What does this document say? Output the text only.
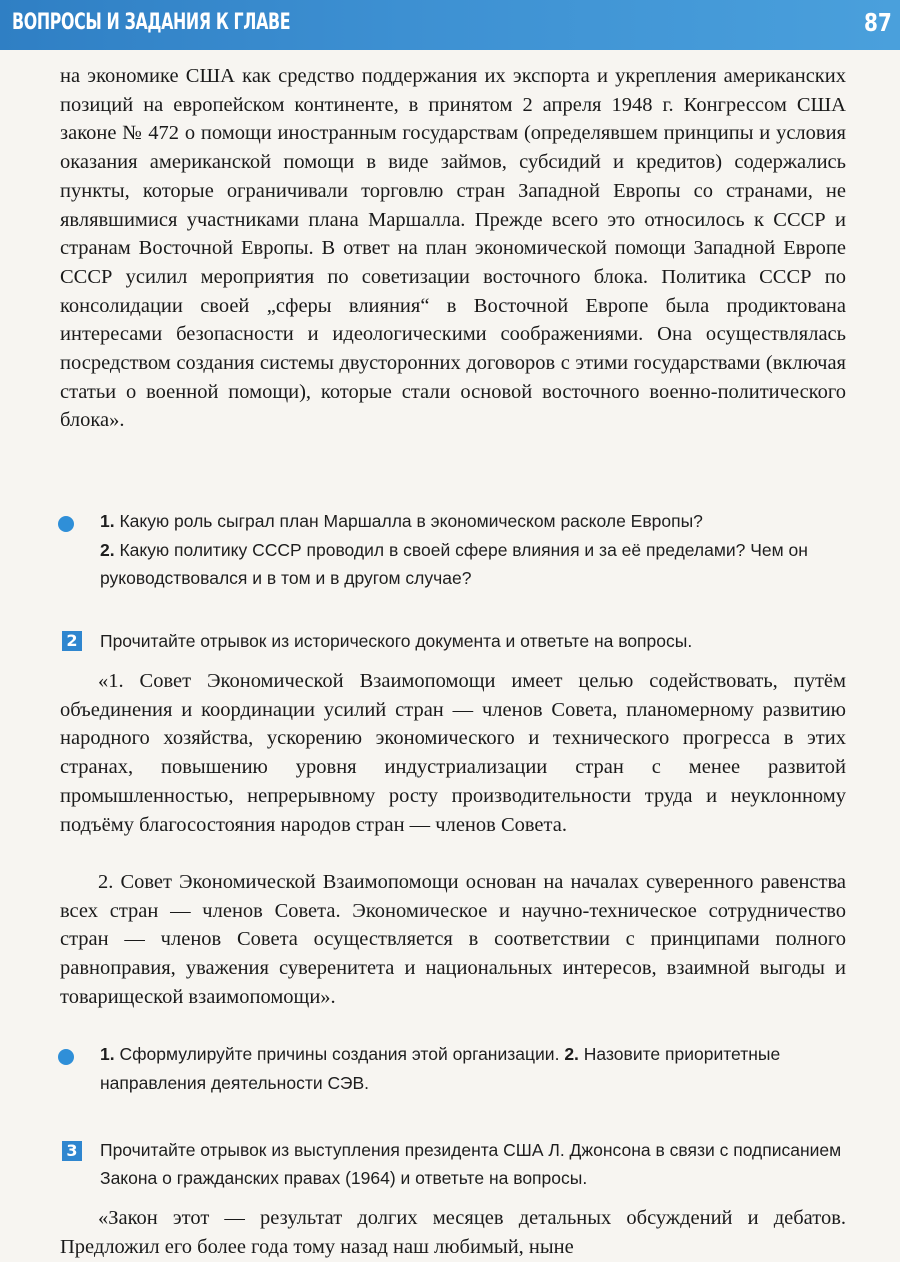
ВОПРОСЫ И ЗАДАНИЯ К ГЛАВЕ	87

на экономике США как средство поддержания их экспорта и укрепления американских позиций на европейском континенте, в принятом 2 апреля 1948 г. Конгрессом США законе № 472 о помощи иностранным государствам (определявшем принципы и условия оказания американской помощи в виде займов, субсидий и кредитов) содержались пункты, которые ограничивали торговлю стран Западной Европы со странами, не являвшимися участниками плана Маршалла. Прежде всего это относилось к СССР и странам Восточной Европы. В ответ на план экономической помощи Западной Европе СССР усилил мероприятия по советизации восточного блока. Политика СССР по консолидации своей „сферы влияния“ в Восточной Европе была продиктована интересами безопасности и идеологическими соображениями. Она осуществлялась посредством создания системы двусторонних договоров с этими государствами (включая статьи о военной помощи), которые стали основой восточного военно-политического блока».

1. Какую роль сыграл план Маршалла в экономическом расколе Европы?
2. Какую политику СССР проводил в своей сфере влияния и за её пределами? Чем он руководствовался и в том и в другом случае?
2 Прочитайте отрывок из исторического документа и ответьте на вопросы.
«1. Совет Экономической Взаимопомощи имеет целью содействовать, путём объединения и координации усилий стран — членов Совета, планомерному развитию народного хозяйства, ускорению экономического и технического прогресса в этих странах, повышению уровня индустриализации стран с менее развитой промышленностью, непрерывному росту производительности труда и неуклонному подъёму благосостояния народов стран — членов Совета.
2. Совет Экономической Взаимопомощи основан на началах суверенного равенства всех стран — членов Совета. Экономическое и научно-техническое сотрудничество стран — членов Совета осуществляется в соответствии с принципами полного равноправия, уважения суверенитета и национальных интересов, взаимной выгоды и товарищеской взаимопомощи».
1. Сформулируйте причины создания этой организации. 2. Назовите приоритетные направления деятельности СЭВ.
3 Прочитайте отрывок из выступления президента США Л. Джонсона в связи с подписанием Закона о гражданских правах (1964) и ответьте на вопросы.
«Закон этот — результат долгих месяцев детальных обсуждений и дебатов. Предложил его более года тому назад наш любимый, ныне
